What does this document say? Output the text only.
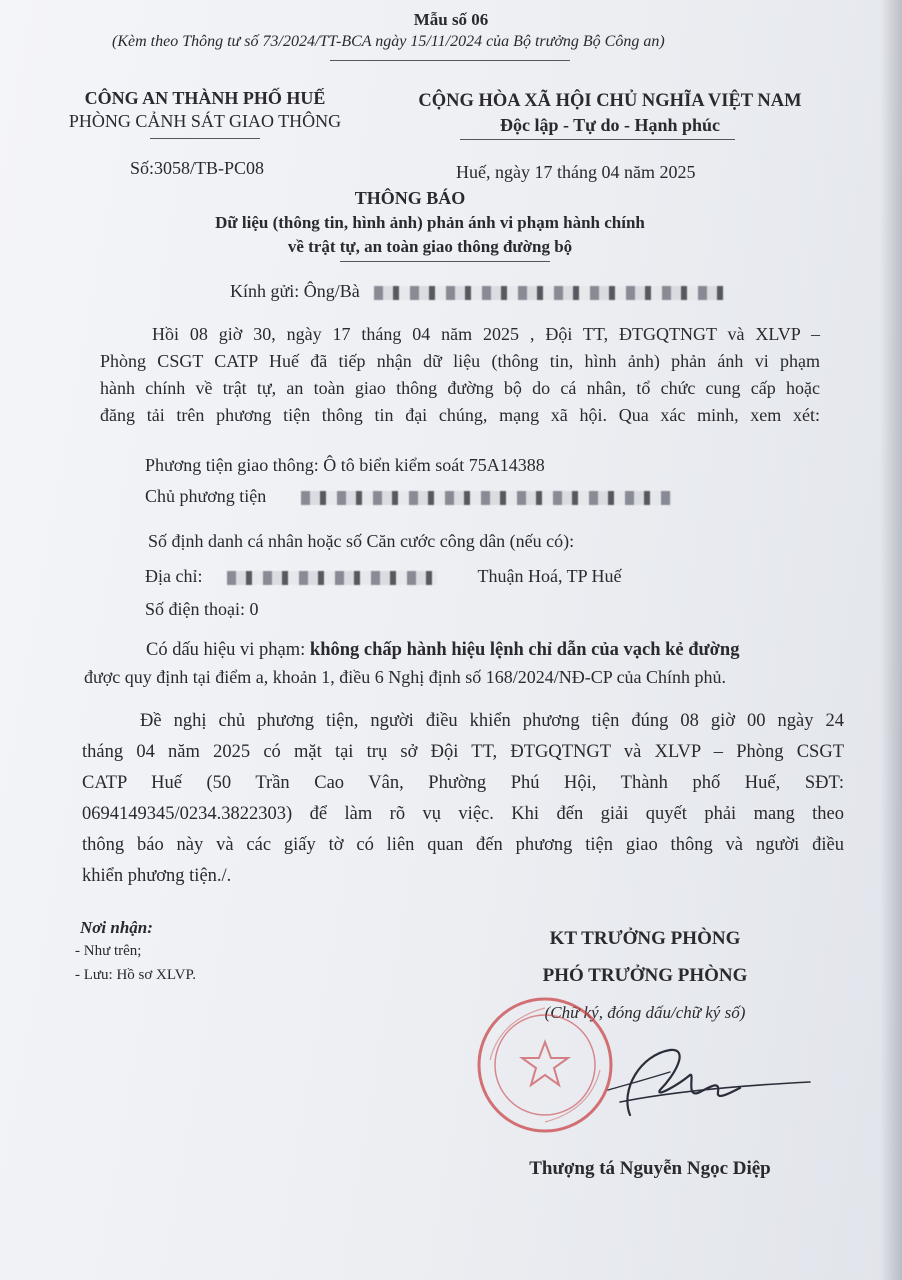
Mẫu số 06
(Kèm theo Thông tư số 73/2024/TT-BCA ngày 15/11/2024 của Bộ trưởng Bộ Công an)
CÔNG AN THÀNH PHỐ HUẾ
PHÒNG CẢNH SÁT GIAO THÔNG
Số:3058/TB-PC08
CỘNG HÒA XÃ HỘI CHỦ NGHĨA VIỆT NAM
Độc lập - Tự do - Hạnh phúc
Huế, ngày 17 tháng 04 năm 2025
THÔNG BÁO
Dữ liệu (thông tin, hình ảnh) phản ánh vi phạm hành chính
về trật tự, an toàn giao thông đường bộ
Kính gửi: Ông/Bà
Hồi 08 giờ 30, ngày 17 tháng 04 năm 2025 , Đội TT, ĐTGQTNGT và XLVP –
Phòng CSGT CATP Huế đã tiếp nhận dữ liệu (thông tin, hình ảnh) phản ánh vi phạm
hành chính về trật tự, an toàn giao thông đường bộ do cá nhân, tổ chức cung cấp hoặc
đăng tải trên phương tiện thông tin đại chúng, mạng xã hội. Qua xác minh, xem xét:
Phương tiện giao thông: Ô tô biển kiểm soát 75A14388
Chủ phương tiện
Số định danh cá nhân hoặc số Căn cước công dân (nếu có):
Địa chỉ:	Thuận Hoá, TP Huế
Số điện thoại: 0
Có dấu hiệu vi phạm: không chấp hành hiệu lệnh chỉ dẫn của vạch kẻ đường
được quy định tại điểm a, khoản 1, điều 6 Nghị định số 168/2024/NĐ-CP của Chính phủ.
Đề nghị chủ phương tiện, người điều khiển phương tiện đúng 08 giờ 00 ngày 24
tháng 04 năm 2025 có mặt tại trụ sở Đội TT, ĐTGQTNGT và XLVP – Phòng CSGT
CATP Huế (50 Trần Cao Vân, Phường Phú Hội, Thành phố Huế, SĐT:
0694149345/0234.3822303) để làm rõ vụ việc. Khi đến giải quyết phải mang theo
thông báo này và các giấy tờ có liên quan đến phương tiện giao thông và người điều
khiển phương tiện./.
Nơi nhận:
- Như trên;
- Lưu: Hồ sơ XLVP.
KT TRƯỞNG PHÒNG
PHÓ TRƯỞNG PHÒNG
(Chữ ký, đóng dấu/chữ ký số)
Thượng tá Nguyễn Ngọc Diệp
